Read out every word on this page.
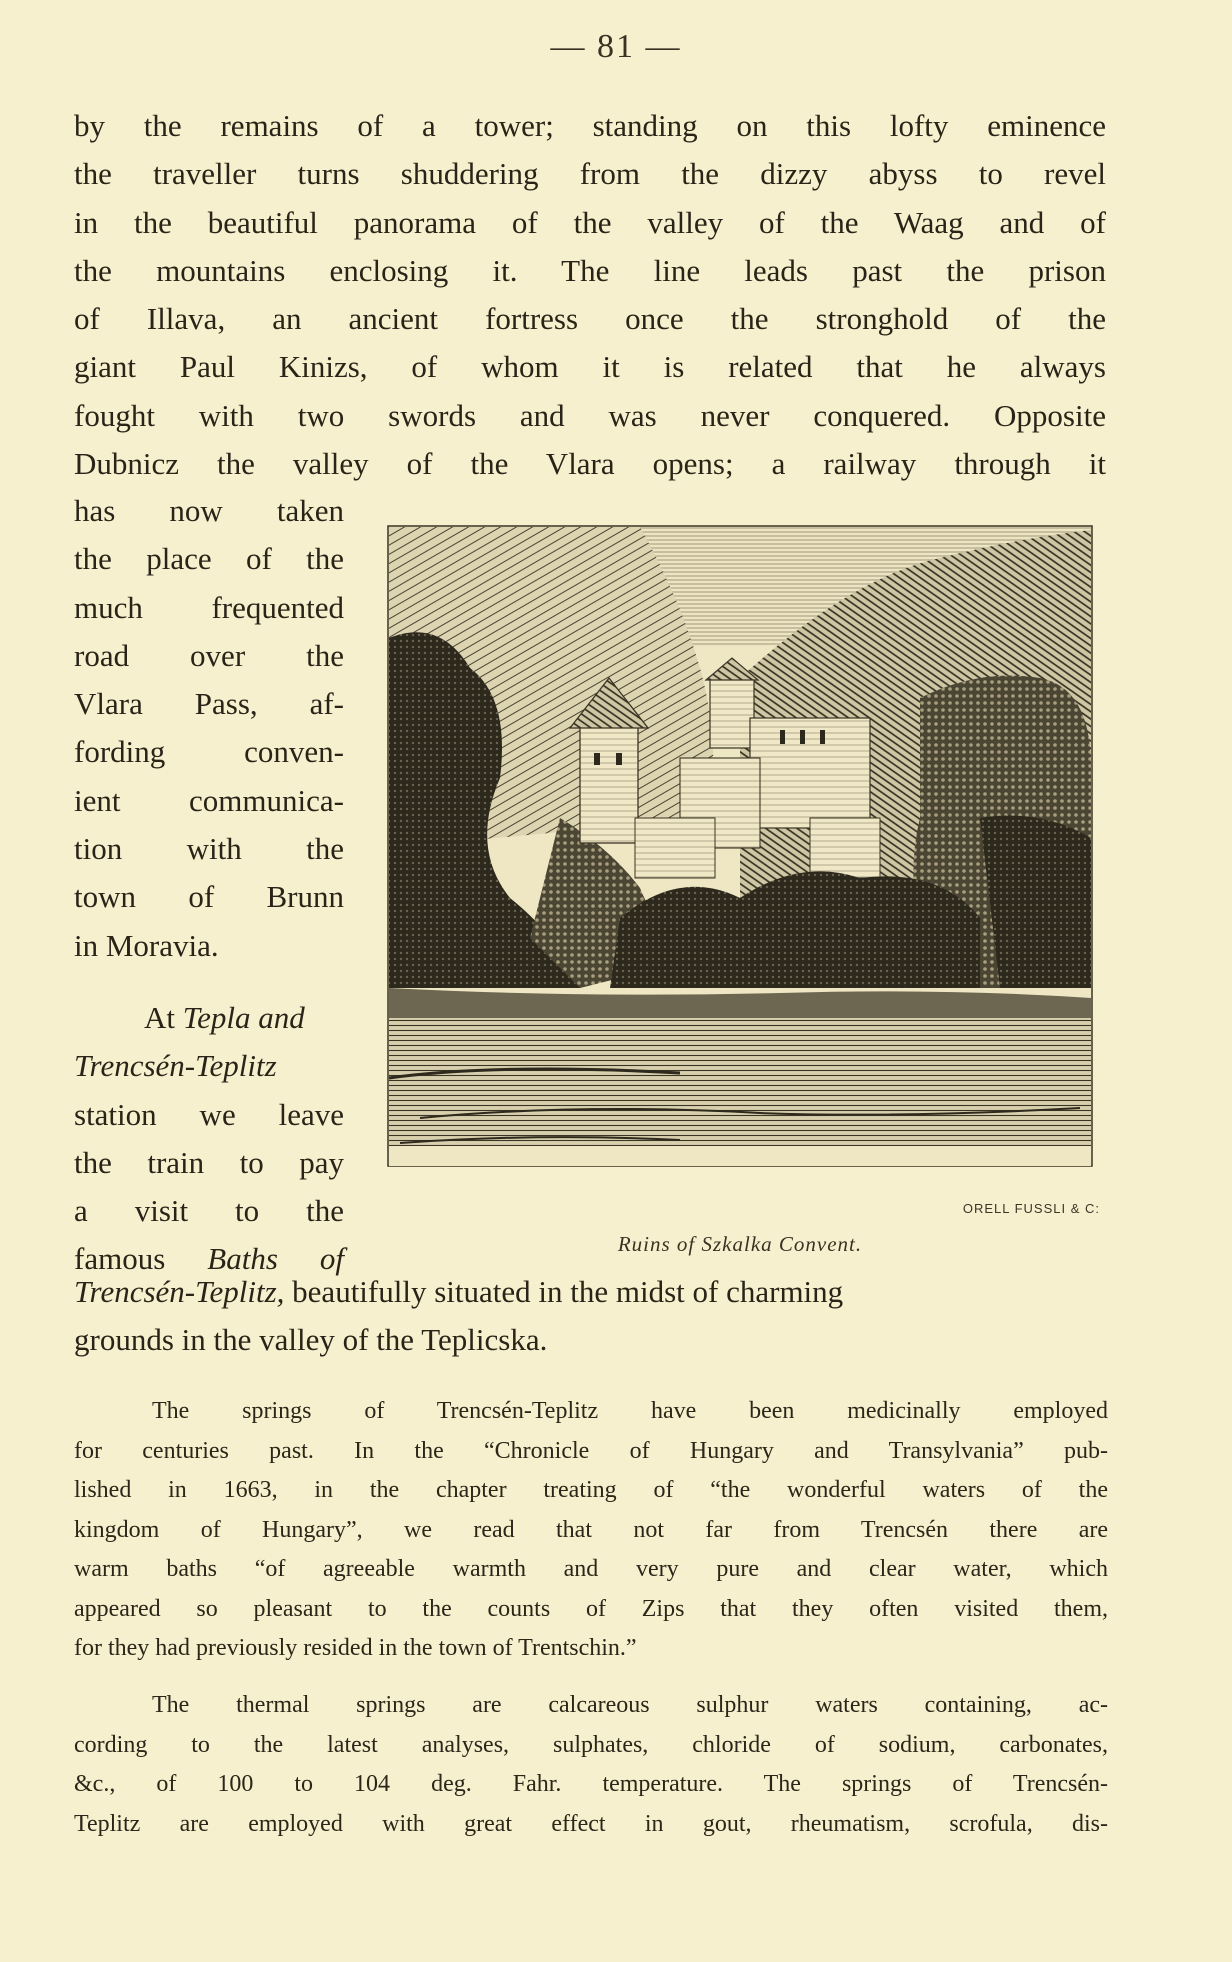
— 81 —
by the remains of a tower; standing on this lofty eminence
the traveller turns shuddering from the dizzy abyss to revel
in the beautiful panorama of the valley of the Waag and of
the mountains enclosing it. The line leads past the prison
of Illava, an ancient fortress once the stronghold of the
giant Paul Kinizs, of whom it is related that he always
fought with two swords and was never conquered. Opposite
Dubnicz the valley of the Vlara opens; a railway through it
has now taken
the place of the
much frequented
road over the
Vlara Pass, af-
fording conven-
ient communica-
tion with the
town of Brunn
in Moravia.
At Tepla and
Trencsén-Teplitz
station we leave
the train to pay
a visit to the
famous Baths of
ORELL FUSSLI & C:
Ruins of Szkalka Convent.
Trencsén-Teplitz, beautifully situated in the midst of charming
grounds in the valley of the Teplicska.
The springs of Trencsén-Teplitz have been medicinally employed
for centuries past. In the “Chronicle of Hungary and Transylvania” pub-
lished in 1663, in the chapter treating of “the wonderful waters of the
kingdom of Hungary”, we read that not far from Trencsén there are
warm baths “of agreeable warmth and very pure and clear water, which
appeared so pleasant to the counts of Zips that they often visited them,
for they had previously resided in the town of Trentschin.”
The thermal springs are calcareous sulphur waters containing, ac-
cording to the latest analyses, sulphates, chloride of sodium, carbonates,
&c., of 100 to 104 deg. Fahr. temperature. The springs of Trencsén-
Teplitz are employed with great effect in gout, rheumatism, scrofula, dis-
